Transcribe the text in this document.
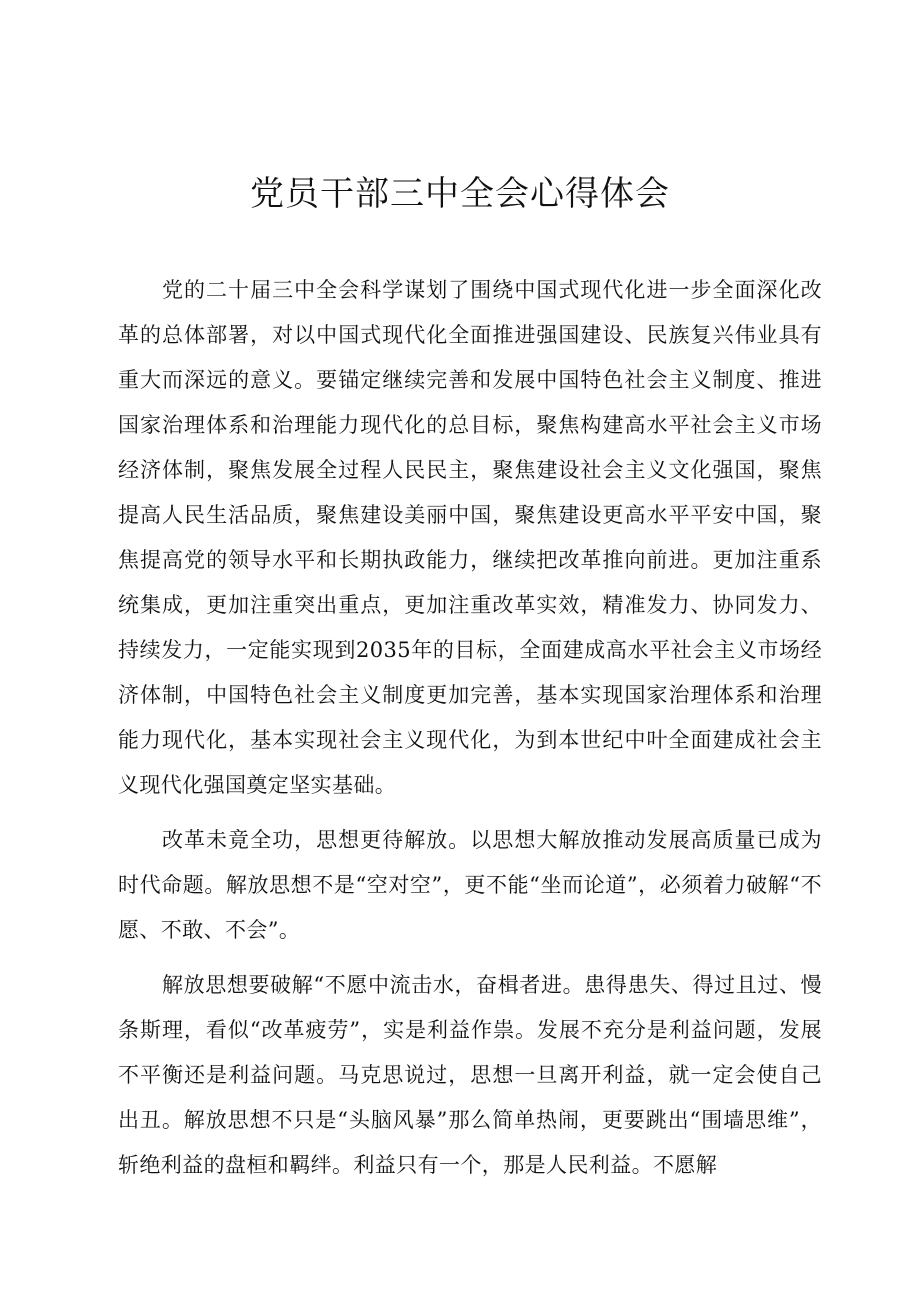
党员干部三中全会心得体会

党的二十届三中全会科学谋划了围绕中国式现代化进一步全面深化改革的总体部署，对以中国式现代化全面推进强国建设、民族复兴伟业具有重大而深远的意义。要锚定继续完善和发展中国特色社会主义制度、推进国家治理体系和治理能力现代化的总目标，聚焦构建高水平社会主义市场经济体制，聚焦发展全过程人民民主，聚焦建设社会主义文化强国，聚焦提高人民生活品质，聚焦建设美丽中国，聚焦建设更高水平平安中国，聚焦提高党的领导水平和长期执政能力，继续把改革推向前进。更加注重系统集成，更加注重突出重点，更加注重改革实效，精准发力、协同发力、持续发力，一定能实现到2035年的目标，全面建成高水平社会主义市场经济体制，中国特色社会主义制度更加完善，基本实现国家治理体系和治理能力现代化，基本实现社会主义现代化，为到本世纪中叶全面建成社会主义现代化强国奠定坚实基础。

改革未竟全功，思想更待解放。以思想大解放推动发展高质量已成为时代命题。解放思想不是“空对空”，更不能“坐而论道”，必须着力破解“不愿、不敢、不会”。

解放思想要破解“不愿中流击水，奋楫者进。患得患失、得过且过、慢条斯理，看似“改革疲劳”，实是利益作祟。发展不充分是利益问题，发展不平衡还是利益问题。马克思说过，思想一旦离开利益，就一定会使自己出丑。解放思想不只是“头脑风暴”那么简单热闹，更要跳出“围墙思维”，斩绝利益的盘桓和羁绊。利益只有一个，那是人民利益。不愿解
